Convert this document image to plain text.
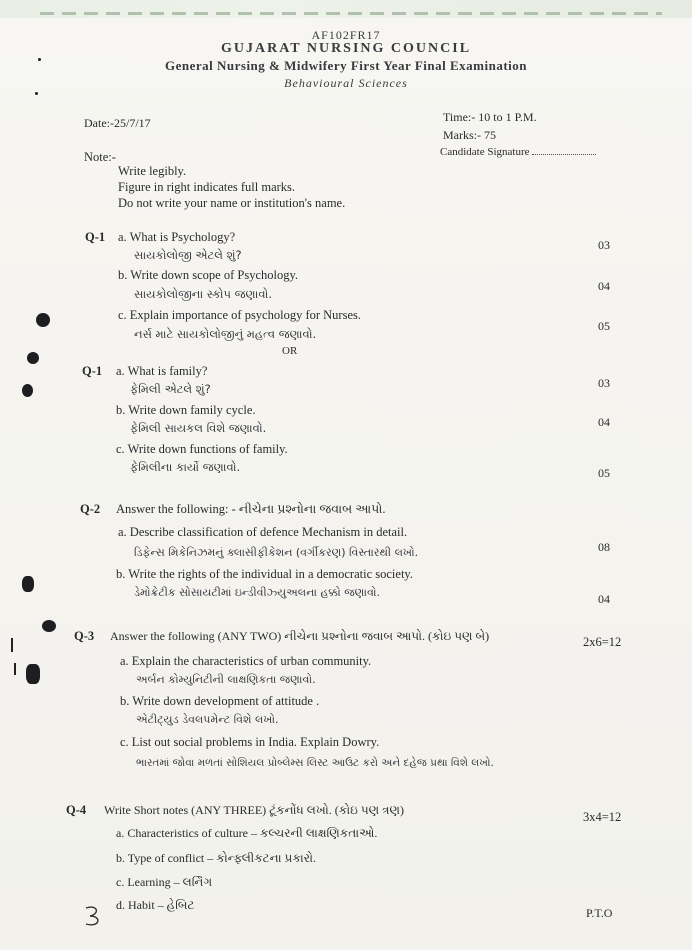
AF102FR17
GUJARAT NURSING COUNCIL
General Nursing & Midwifery First Year Final Examination
Behavioural Sciences
Date:-25/7/17	Time:- 10 to 1 P.M.
Marks:- 75
Candidate Signature
Note:-
Write legibly.
Figure in right indicates full marks.
Do not write your name or institution's name.
Q-1 a. What is Psychology?
સાયકોલોજી એટલે શું?
03
b. Write down scope of Psychology.
સાયકોલોજીના સ્કોપ જણાવો.
04
c. Explain importance of psychology for Nurses.
નર્સ માટે સાયકોલોજીનું મહત્વ જણાવો.
05
OR
Q-1 a. What is family?
ફેમિલી એટલે શું?	03
b. Write down family cycle.
ફેમિલી સાયકલ વિશે જણાવો.	04
c. Write down functions of family.
ફેમિલીના કાર્યો જણાવો.	05
Q-2 Answer the following: - નીચેના પ્રશ્નોના જવાબ આપો.
a. Describe classification of defence Mechanism in detail.
ડિફેન્સ મિકેનિઝમનું ક્લાસીફીકેશન (વર્ગીકરણ) વિસ્તારથી લખો.	08
b. Write the rights of the individual in a democratic society.
ડેમોક્રેટીક સોસાયટીમાં ઇન્ડીવીઝ્યુઅલના હક્કો જણાવો.	04
Q-3 Answer the following (ANY TWO) નીચેના પ્રશ્નોના જવાબ આપો. (કોઇ પણ બે)	2x6=12
a. Explain the characteristics of urban community.
અર્બન કોમ્યુનિટીની લાક્ષણિકતા જણાવો.
b. Write down development of attitude .
એટીટ્યુડ ડેવલપમેન્ટ વિશે લખો.
c. List out social problems in India. Explain Dowry.
ભારતમાં જોવા મળતાં સોશિયલ પ્રોબ્લેમ્સ લિસ્ટ આઉટ કરો અને દહેજ પ્રથા વિશે લખો.
Q-4 Write Short notes (ANY THREE) ટૂંકનોંધ લખો. (કોઇ પણ ત્રણ)	3x4=12
a. Characteristics of culture – કલ્ચરની લાક્ષણિકતાઓ.
b. Type of conflict – કોન્ફ્લીકટના પ્રકારો.
c. Learning – લર્નિંગ
d. Habit – હેબિટ
P.T.O
